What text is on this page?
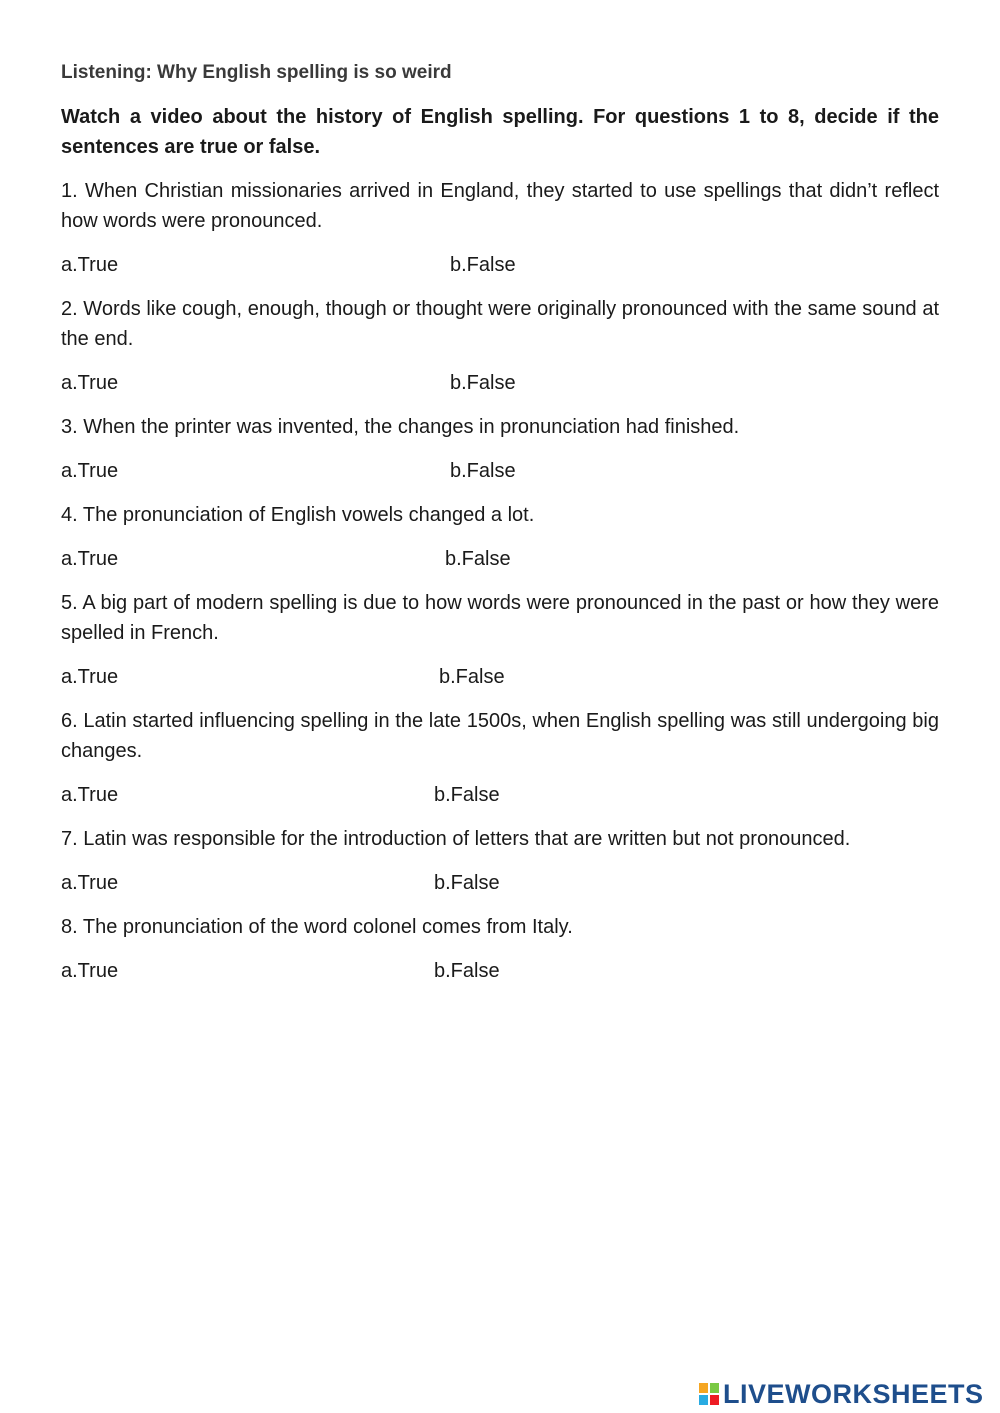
Listening: Why English spelling is so weird
Watch a video about the history of English spelling. For questions 1 to 8, decide if the sentences are true or false.
1. When Christian missionaries arrived in England, they started to use spellings that didn’t reflect how words were pronounced.
a.True	b.False
2. Words like cough, enough, though or thought were originally pronounced with the same sound at the end.
a.True	b.False
3. When the printer was invented, the changes in pronunciation had finished.
a.True	b.False
4. The pronunciation of English vowels changed a lot.
a.True	b.False
5. A big part of modern spelling is due to how words were pronounced in the past or how they were spelled in French.
a.True	b.False
6. Latin started influencing spelling in the late 1500s, when English spelling was still undergoing big changes.
a.True	b.False
7. Latin was responsible for the introduction of letters that are written but not pronounced.
a.True	b.False
8. The pronunciation of the word colonel comes from Italy.
a.True	b.False
LIVEWORKSHEETS
